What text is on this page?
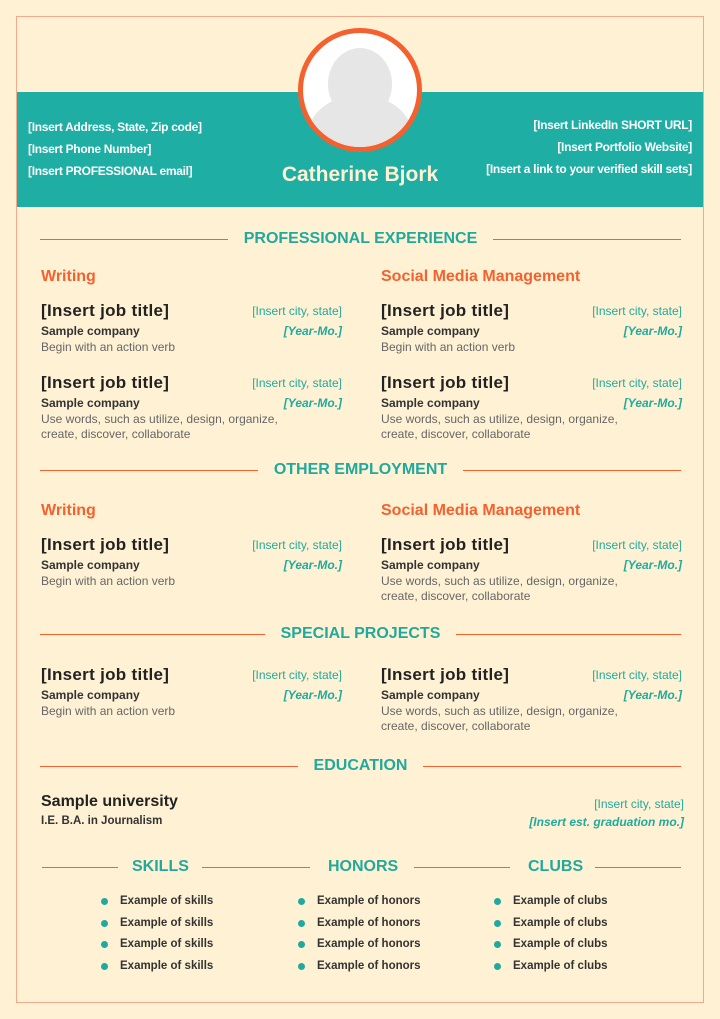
[Insert Address, State, Zip code]
[Insert Phone Number]
[Insert PROFESSIONAL email]
[Insert LinkedIn SHORT URL]
[Insert Portfolio Website]
[Insert a link to your verified skill sets]
Catherine Bjork
PROFESSIONAL EXPERIENCE
Writing	Social Media Management
OTHER EMPLOYMENT
Writing	Social Media Management
SPECIAL PROJECTS
EDUCATION
Sample university
I.E. B.A. in Journalism
[Insert city, state]
[Insert est. graduation mo.]
SKILLS	HONORS	CLUBS
[Insert job title]	[Insert city, state]
Sample company	[Year-Mo.]
Begin with an action verb
[Insert job title]	[Insert city, state]
Sample company	[Year-Mo.]
Begin with an action verb
[Insert job title]	[Insert city, state]
Sample company	[Year-Mo.]
Use words, such as utilize, design, organize, create, discover, collaborate
[Insert job title]	[Insert city, state]
Sample company	[Year-Mo.]
Use words, such as utilize, design, organize, create, discover, collaborate
[Insert job title]	[Insert city, state]
Sample company	[Year-Mo.]
Begin with an action verb
[Insert job title]	[Insert city, state]
Sample company	[Year-Mo.]
Use words, such as utilize, design, organize, create, discover, collaborate
[Insert job title]	[Insert city, state]
Sample company	[Year-Mo.]
Begin with an action verb
[Insert job title]	[Insert city, state]
Sample company	[Year-Mo.]
Use words, such as utilize, design, organize, create, discover, collaborate
Example of skills
Example of skills
Example of skills
Example of skills
Example of honors
Example of honors
Example of honors
Example of honors
Example of clubs
Example of clubs
Example of clubs
Example of clubs
